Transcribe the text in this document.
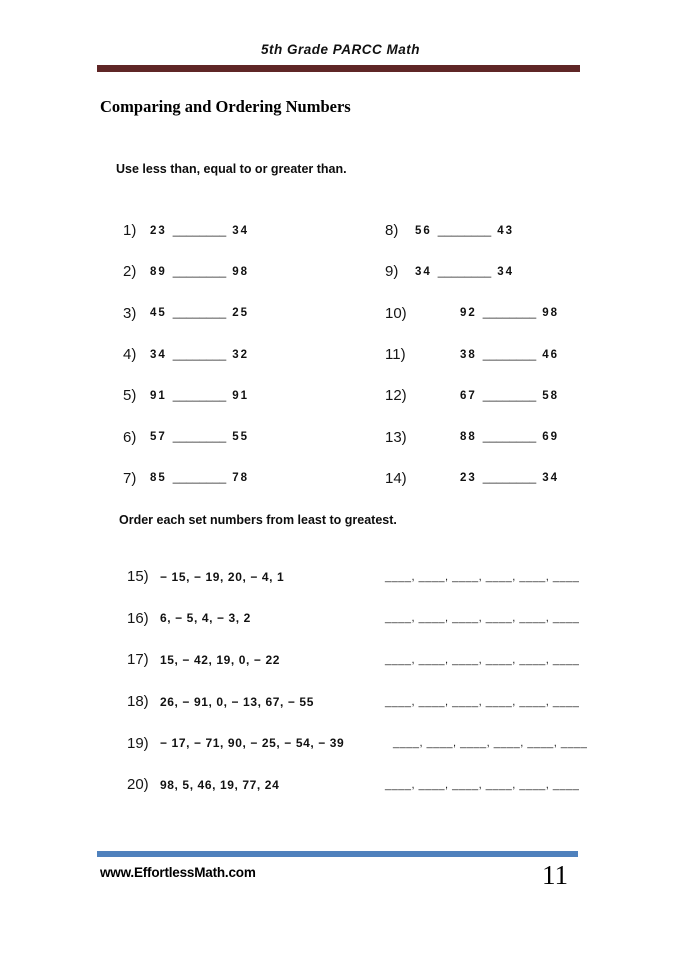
5th Grade PARCC Math
Comparing and Ordering Numbers
Use less than, equal to or greater than.
1)	23 ________ 34
2)	89 ________ 98
3)	45 ________ 25
4)	34 ________ 32
5)	91 ________ 91
6)	57 ________ 55
7)	85 ________ 78
8)	56 ________ 43
9)	34 ________ 34
10)	92 ________ 98
11)	38 ________ 46
12)	67 ________ 58
13)	88 ________ 69
14)	23 ________ 34
Order each set numbers from least to greatest.
15) − 15, − 19, 20, − 4, 1	____, ____, ____, ____, ____, ____
16) 6, − 5, 4, − 3, 2	____, ____, ____, ____, ____, ____
17) 15, − 42, 19, 0, − 22	____, ____, ____, ____, ____, ____
18) 26, − 91, 0, − 13, 67, − 55	____, ____, ____, ____, ____, ____
19) − 17, − 71, 90, − 25, − 54, − 39	____, ____, ____, ____, ____, ____
20) 98, 5, 46, 19, 77, 24	____, ____, ____, ____, ____, ____
www.EffortlessMath.com	11
